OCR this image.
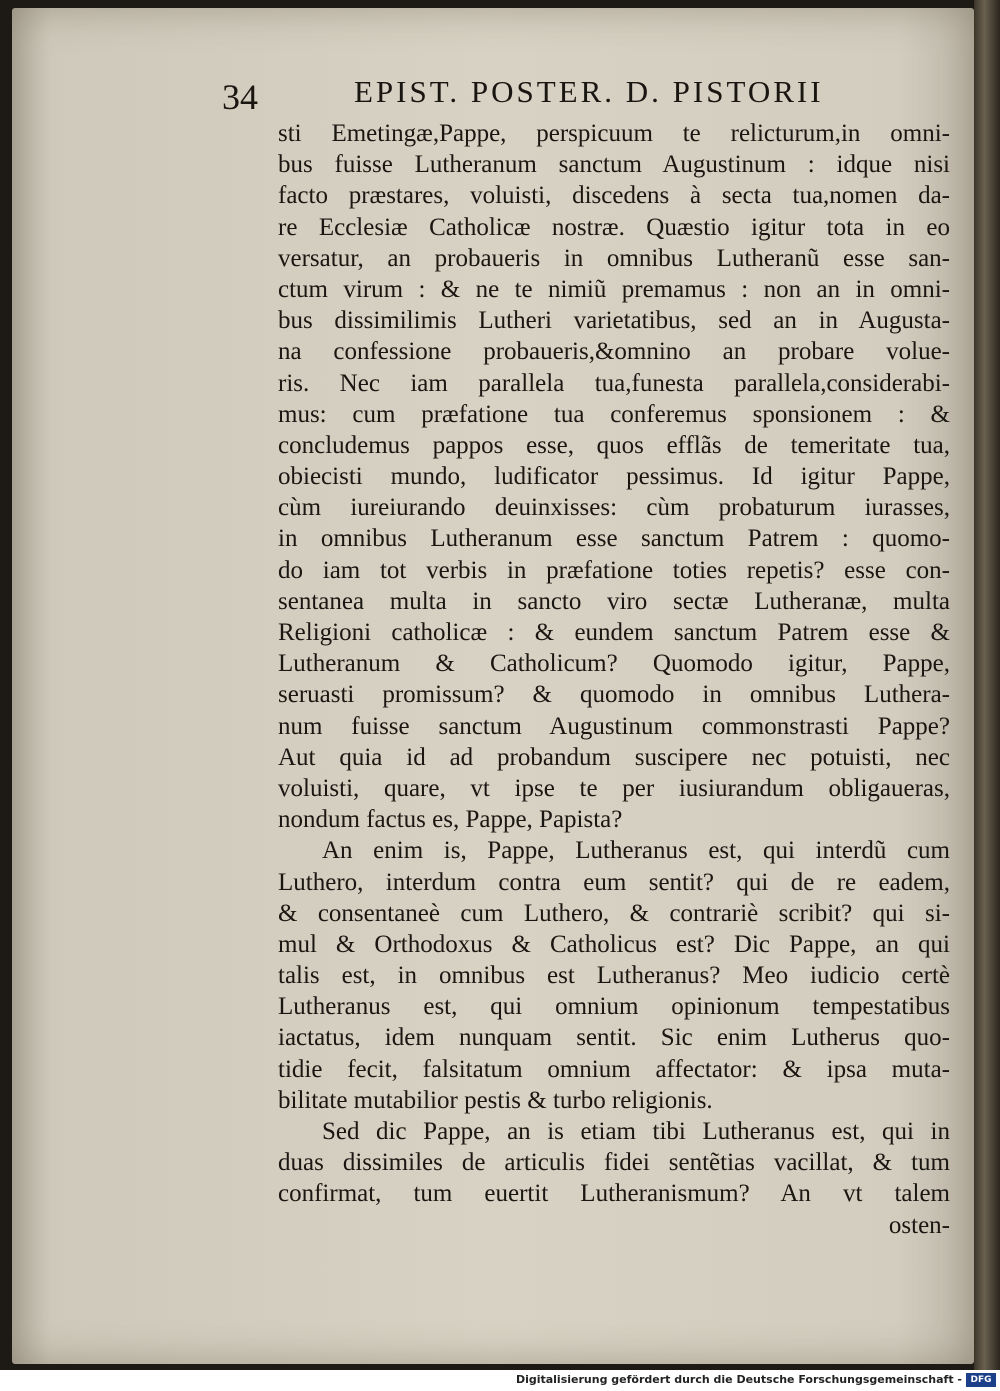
34	EPIST. POSTER. D. PISTORII
sti Emetingæ,Pappe, perspicuum te relicturum,in omni-
bus fuisse Lutheranum sanctum Augustinum : idque nisi
facto præstares, voluisti, discedens à secta tua,nomen da-
re Ecclesiæ Catholicæ nostræ. Quæstio igitur tota in eo
versatur, an probaueris in omnibus Lutheranũ esse san-
ctum virum : & ne te nimiũ premamus : non an in omni-
bus dissimilimis Lutheri varietatibus, sed an in Augusta-
na confessione probaueris,&omnino an probare volue-
ris. Nec iam parallela tua,funesta parallela,considerabi-
mus: cum præfatione tua conferemus sponsionem : &
concludemus pappos esse, quos efflãs de temeritate tua,
obiecisti mundo, ludificator pessimus. Id igitur Pappe,
cùm iureiurando deuinxisses: cùm probaturum iurasses,
in omnibus Lutheranum esse sanctum Patrem : quomo-
do iam tot verbis in præfatione toties repetis? esse con-
sentanea multa in sancto viro sectæ Lutheranæ, multa
Religioni catholicæ : & eundem sanctum Patrem esse &
Lutheranum & Catholicum? Quomodo igitur, Pappe,
seruasti promissum? & quomodo in omnibus Luthera-
num fuisse sanctum Augustinum commonstrasti Pappe?
Aut quia id ad probandum suscipere nec potuisti, nec
voluisti, quare, vt ipse te per iusiurandum obligaueras,
nondum factus es, Pappe, Papista?
An enim is, Pappe, Lutheranus est, qui interdũ cum
Luthero, interdum contra eum sentit? qui de re eadem,
& consentaneè cum Luthero, & contrariè scribit? qui si-
mul & Orthodoxus & Catholicus est? Dic Pappe, an qui
talis est, in omnibus est Lutheranus? Meo iudicio certè
Lutheranus est, qui omnium opinionum tempestatibus
iactatus, idem nunquam sentit. Sic enim Lutherus quo-
tidie fecit, falsitatum omnium affectator: & ipsa muta-
bilitate mutabilior pestis & turbo religionis.
Sed dic Pappe, an is etiam tibi Lutheranus est, qui in
duas dissimiles de articulis fidei sentẽtias vacillat, & tum
confirmat, tum euertit Lutheranismum? An vt talem
osten-
Digitalisierung gefördert durch die Deutsche Forschungsgemeinschaft - DFG
